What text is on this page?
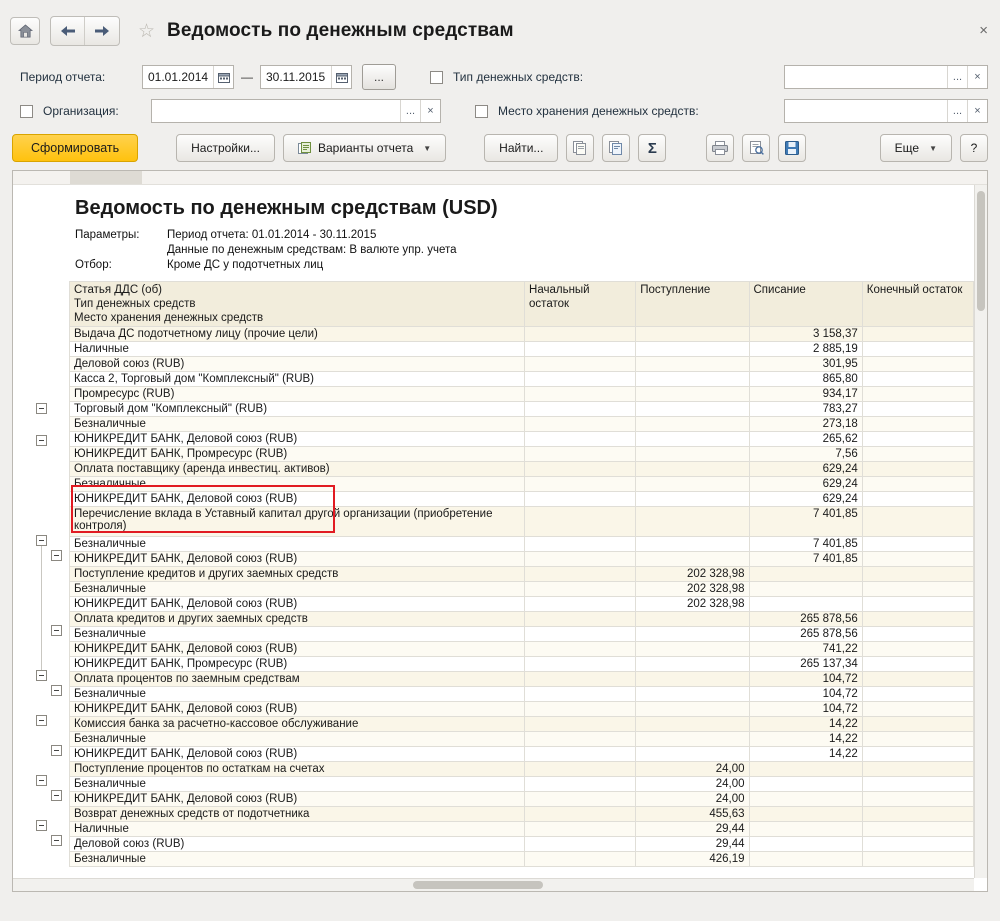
☆ Ведомость по денежным средствам	×
Период отчета:	01.01.2014	—	30.11.2015	...	Тип денежных средств:	...	×
Организация:	...	×	Место хранения денежных средств:	...	×
Сформировать	Настройки...	Варианты отчета ▼	Найти...	Σ	Еще ▼	?
Ведомость по денежным средствам (USD)
Параметры:	Период отчета: 01.01.2014 - 30.11.2015
Данные по денежным средствам: В валюте упр. учета
Отбор:	Кроме ДС у подотчетных лиц
Статья ДДС (об)
Тип денежных средств
Место хранения денежных средств	Начальный остаток	Поступление	Списание	Конечный остаток

Выдача ДС подотчетному лицу (прочие цели)			3 158,37	
Наличные			2 885,19	
Деловой союз (RUB)			301,95	
Касса 2, Торговый дом "Комплексный" (RUB)			865,80	
Промресурс (RUB)			934,17	
Торговый дом "Комплексный" (RUB)			783,27	
Безналичные			273,18	
ЮНИКРЕДИТ БАНК, Деловой союз (RUB)			265,62	
ЮНИКРЕДИТ БАНК, Промресурс (RUB)			7,56	
Оплата поставщику (аренда инвестиц. активов)			629,24	
Безналичные			629,24	
ЮНИКРЕДИТ БАНК, Деловой союз (RUB)			629,24	
Перечисление вклада в Уставный капитал другой организации (приобретение контроля)			7 401,85	
Безналичные			7 401,85	
ЮНИКРЕДИТ БАНК, Деловой союз (RUB)			7 401,85	
Поступление кредитов и других заемных средств		202 328,98		
Безналичные		202 328,98		
ЮНИКРЕДИТ БАНК, Деловой союз (RUB)		202 328,98		
Оплата кредитов и других заемных средств			265 878,56	
Безналичные			265 878,56	
ЮНИКРЕДИТ БАНК, Деловой союз (RUB)			741,22	
ЮНИКРЕДИТ БАНК, Промресурс (RUB)			265 137,34	
Оплата процентов по заемным средствам			104,72	
Безналичные			104,72	
ЮНИКРЕДИТ БАНК, Деловой союз (RUB)			104,72	
Комиссия банка за расчетно-кассовое обслуживание			14,22	
Безналичные			14,22	
ЮНИКРЕДИТ БАНК, Деловой союз (RUB)			14,22	
Поступление процентов по остаткам на счетах		24,00		
Безналичные		24,00		
ЮНИКРЕДИТ БАНК, Деловой союз (RUB)		24,00		
Возврат денежных средств от подотчетника		455,63		
Наличные		29,44		
Деловой союз (RUB)		29,44		
Безналичные		426,19		
